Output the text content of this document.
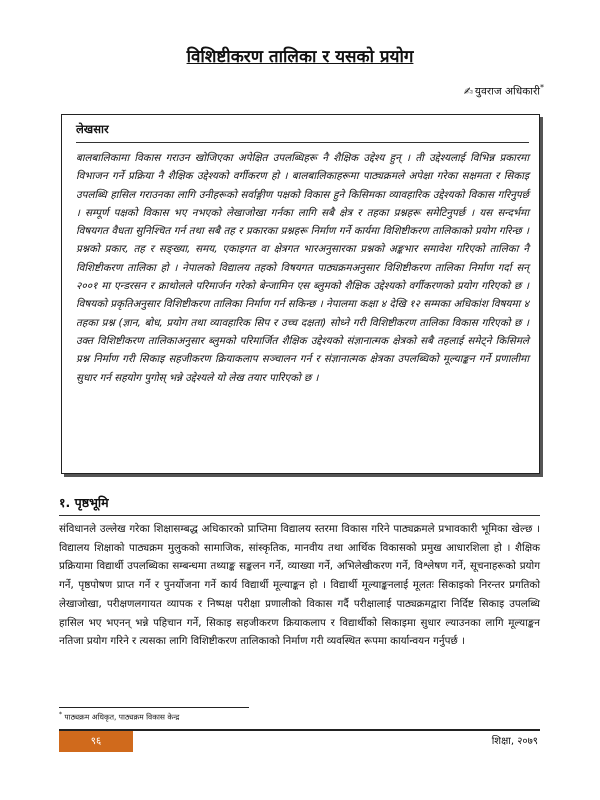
विशिष्टीकरण तालिका र यसको प्रयोग
✍ युवराज अधिकारी*
लेखसार
बालबालिकामा विकास गराउन खोजिएका अपेक्षित उपलब्धिहरू नै शैक्षिक उद्देश्य हुन् । ती उद्देश्यलाई विभिन्न प्रकारमा विभाजन गर्ने प्रक्रिया नै शैक्षिक उद्देश्यको वर्गीकरण हो । बालबालिकाहरूमा पाठ्यक्रमले अपेक्षा गरेका सक्षमता र सिकाइ उपलब्धि हासिल गराउनका लागि उनीहरूको सर्वाङ्गीण पक्षको विकास हुने किसिमका व्यावहारिक उद्देश्यको विकास गरिनुपर्छ । सम्पूर्ण पक्षको विकास भए नभएको लेखाजोखा गर्नका लागि सबै क्षेत्र र तहका प्रश्नहरू समेटिनुपर्छ । यस सन्दर्भमा विषयगत वैधता सुनिश्चित गर्न तथा सबै तह र प्रकारका प्रश्नहरू निर्माण गर्ने कार्यमा विशिष्टीकरण तालिकाको प्रयोग गरिन्छ । प्रश्नको प्रकार, तह र सङ्ख्या, समय, एकाइगत वा क्षेत्रगत भारअनुसारका प्रश्नको अङ्कभार समावेश गरिएको तालिका नै विशिष्टीकरण तालिका हो । नेपालको विद्यालय तहको विषयगत पाठ्यक्रमअनुसार विशिष्टीकरण तालिका निर्माण गर्दा सन् २००१ मा एन्डरसन र क्राथोलले परिमार्जन गरेको बेन्जामिन एस ब्लुमको शैक्षिक उद्देश्यको वर्गीकरणको प्रयोग गरिएको छ । विषयको प्रकृतिअनुसार विशिष्टीकरण तालिका निर्माण गर्न सकिन्छ । नेपालमा कक्षा ४ देखि १२ सम्मका अधिकांश विषयमा ४ तहका प्रश्न (ज्ञान, बोध, प्रयोग तथा व्यावहारिक सिप र उच्च दक्षता) सोध्ने गरी विशिष्टीकरण तालिका विकास गरिएको छ । उक्त विशिष्टीकरण तालिकाअनुसार ब्लुमको परिमार्जित शैक्षिक उद्देश्यको संज्ञानात्मक क्षेत्रको सबै तहलाई समेट्ने किसिमले प्रश्न निर्माण गरी सिकाइ सहजीकरण क्रियाकलाप सञ्चालन गर्न र संज्ञानात्मक क्षेत्रका उपलब्धिको मूल्याङ्कन गर्ने प्रणालीमा सुधार गर्न सहयोग पुगोस् भन्ने उद्देश्यले यो लेख तयार पारिएको छ ।
१. पृष्ठभूमि
संविधानले उल्लेख गरेका शिक्षासम्बद्ध अधिकारको प्राप्तिमा विद्यालय स्तरमा विकास गरिने पाठ्यक्रमले प्रभावकारी भूमिका खेल्छ । विद्यालय शिक्षाको पाठ्यक्रम मुलुकको सामाजिक, सांस्कृतिक, मानवीय तथा आर्थिक विकासको प्रमुख आधारशिला हो । शैक्षिक प्रक्रियामा विद्यार्थी उपलब्धिका सम्बन्धमा तथ्याङ्क सङ्कलन गर्ने, व्याख्या गर्ने, अभिलेखीकरण गर्ने, विश्लेषण गर्ने, सूचनाहरूको प्रयोग गर्ने, पृष्ठपोषण प्राप्त गर्ने र पुनर्योजना गर्ने कार्य विद्यार्थी मूल्याङ्कन हो । विद्यार्थी मूल्याङ्कनलाई मूलतः सिकाइको निरन्तर प्रगतिको लेखाजोखा, परीक्षणलगायत व्यापक र निष्पक्ष परीक्षा प्रणालीको विकास गर्दै परीक्षालाई पाठ्यक्रमद्वारा निर्दिष्ट सिकाइ उपलब्धि हासिल भए भएनन् भन्ने पहिचान गर्ने, सिकाइ सहजीकरण क्रियाकलाप र विद्यार्थीको सिकाइमा सुधार ल्याउनका लागि मूल्याङ्कन नतिजा प्रयोग गरिने र त्यसका लागि विशिष्टीकरण तालिकाको निर्माण गरी व्यवस्थित रूपमा कार्यान्वयन गर्नुपर्छ ।
* पाठ्यक्रम अधिकृत, पाठ्यक्रम विकास केन्द्र
९६	शिक्षा, २०७९
